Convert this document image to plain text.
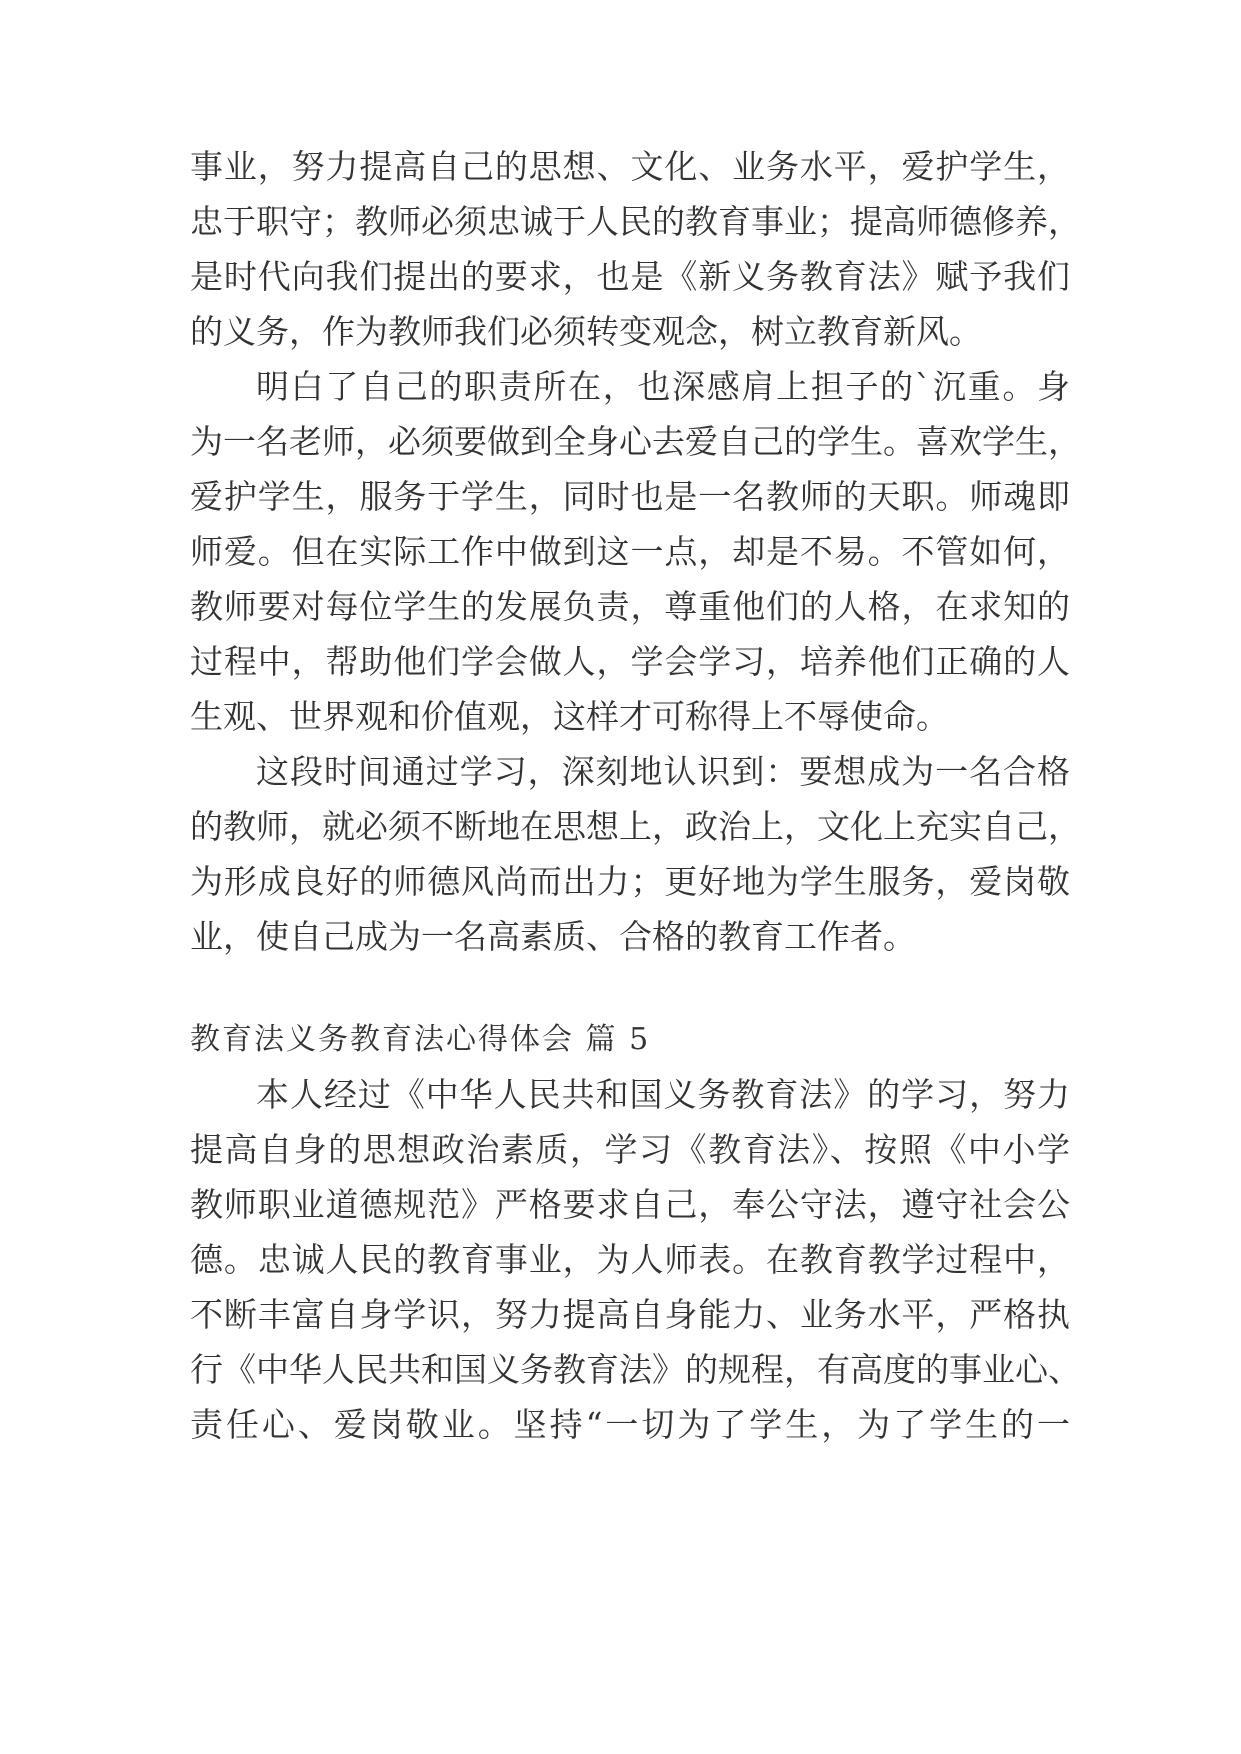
事业，努力提高自己的思想、文化、业务水平，爱护学生，
忠于职守；教师必须忠诚于人民的教育事业；提高师德修养，
是时代向我们提出的要求，也是《新义务教育法》赋予我们
的义务，作为教师我们必须转变观念，树立教育新风。
明白了自己的职责所在，也深感肩上担子的`沉重。身
为一名老师，必须要做到全身心去爱自己的学生。喜欢学生，
爱护学生，服务于学生，同时也是一名教师的天职。师魂即
师爱。但在实际工作中做到这一点，却是不易。不管如何，
教师要对每位学生的发展负责，尊重他们的人格，在求知的
过程中，帮助他们学会做人，学会学习，培养他们正确的人
生观、世界观和价值观，这样才可称得上不辱使命。
这段时间通过学习，深刻地认识到：要想成为一名合格
的教师，就必须不断地在思想上，政治上，文化上充实自己，
为形成良好的师德风尚而出力；更好地为学生服务，爱岗敬
业，使自己成为一名高素质、合格的教育工作者。
教育法义务教育法心得体会 篇 5
本人经过《中华人民共和国义务教育法》的学习，努力
提高自身的思想政治素质，学习《教育法》、按照《中小学
教师职业道德规范》严格要求自己，奉公守法，遵守社会公
德。忠诚人民的教育事业，为人师表。在教育教学过程中，
不断丰富自身学识，努力提高自身能力、业务水平，严格执
行《中华人民共和国义务教育法》的规程，有高度的事业心、
责任心、爱岗敬业。坚持“一切为了学生，为了学生的一
